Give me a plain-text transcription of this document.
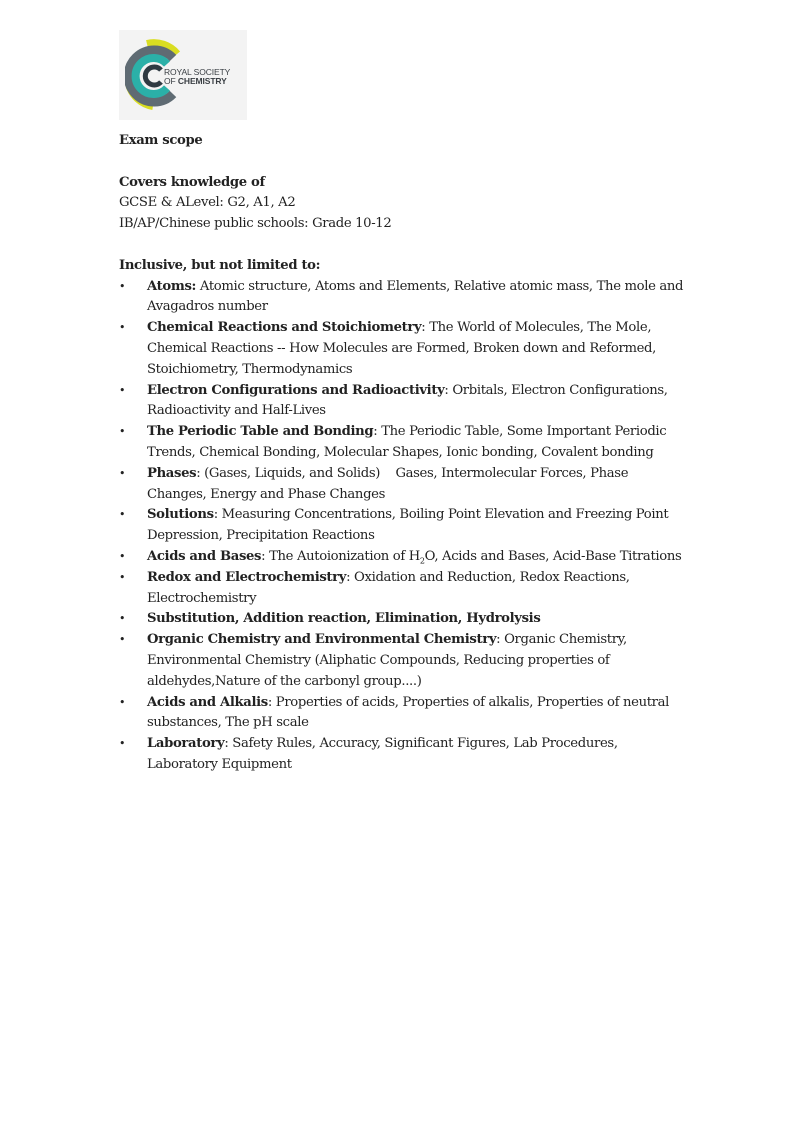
ROYAL SOCIETY
OF CHEMISTRY

Exam scope

Covers knowledge of

GCSE & ALevel: G2, A1, A2

IB/AP/Chinese public schools: Grade 10-12

Inclusive, but not limited to:

• Atoms: Atomic structure, Atoms and Elements, Relative atomic mass, The mole and Avagadros number
• Chemical Reactions and Stoichiometry: The World of Molecules, The Mole, Chemical Reactions -- How Molecules are Formed, Broken down and Reformed, Stoichiometry, Thermodynamics
• Electron Configurations and Radioactivity: Orbitals, Electron Configurations, Radioactivity and Half-Lives
• The Periodic Table and Bonding: The Periodic Table, Some Important Periodic Trends, Chemical Bonding, Molecular Shapes, Ionic bonding, Covalent bonding
• Phases: (Gases, Liquids, and Solids)    Gases, Intermolecular Forces, Phase Changes, Energy and Phase Changes
• Solutions: Measuring Concentrations, Boiling Point Elevation and Freezing Point Depression, Precipitation Reactions
• Acids and Bases: The Autoionization of $H_2O$, Acids and Bases, Acid-Base Titrations
• Redox and Electrochemistry: Oxidation and Reduction, Redox Reactions, Electrochemistry
• Substitution, Addition reaction, Elimination, Hydrolysis
• Organic Chemistry and Environmental Chemistry: Organic Chemistry, Environmental Chemistry (Aliphatic Compounds, Reducing properties of aldehydes,Nature of the carbonyl group....)
• Acids and Alkalis: Properties of acids, Properties of alkalis, Properties of neutral substances, The pH scale
• Laboratory: Safety Rules, Accuracy, Significant Figures, Lab Procedures, Laboratory Equipment
